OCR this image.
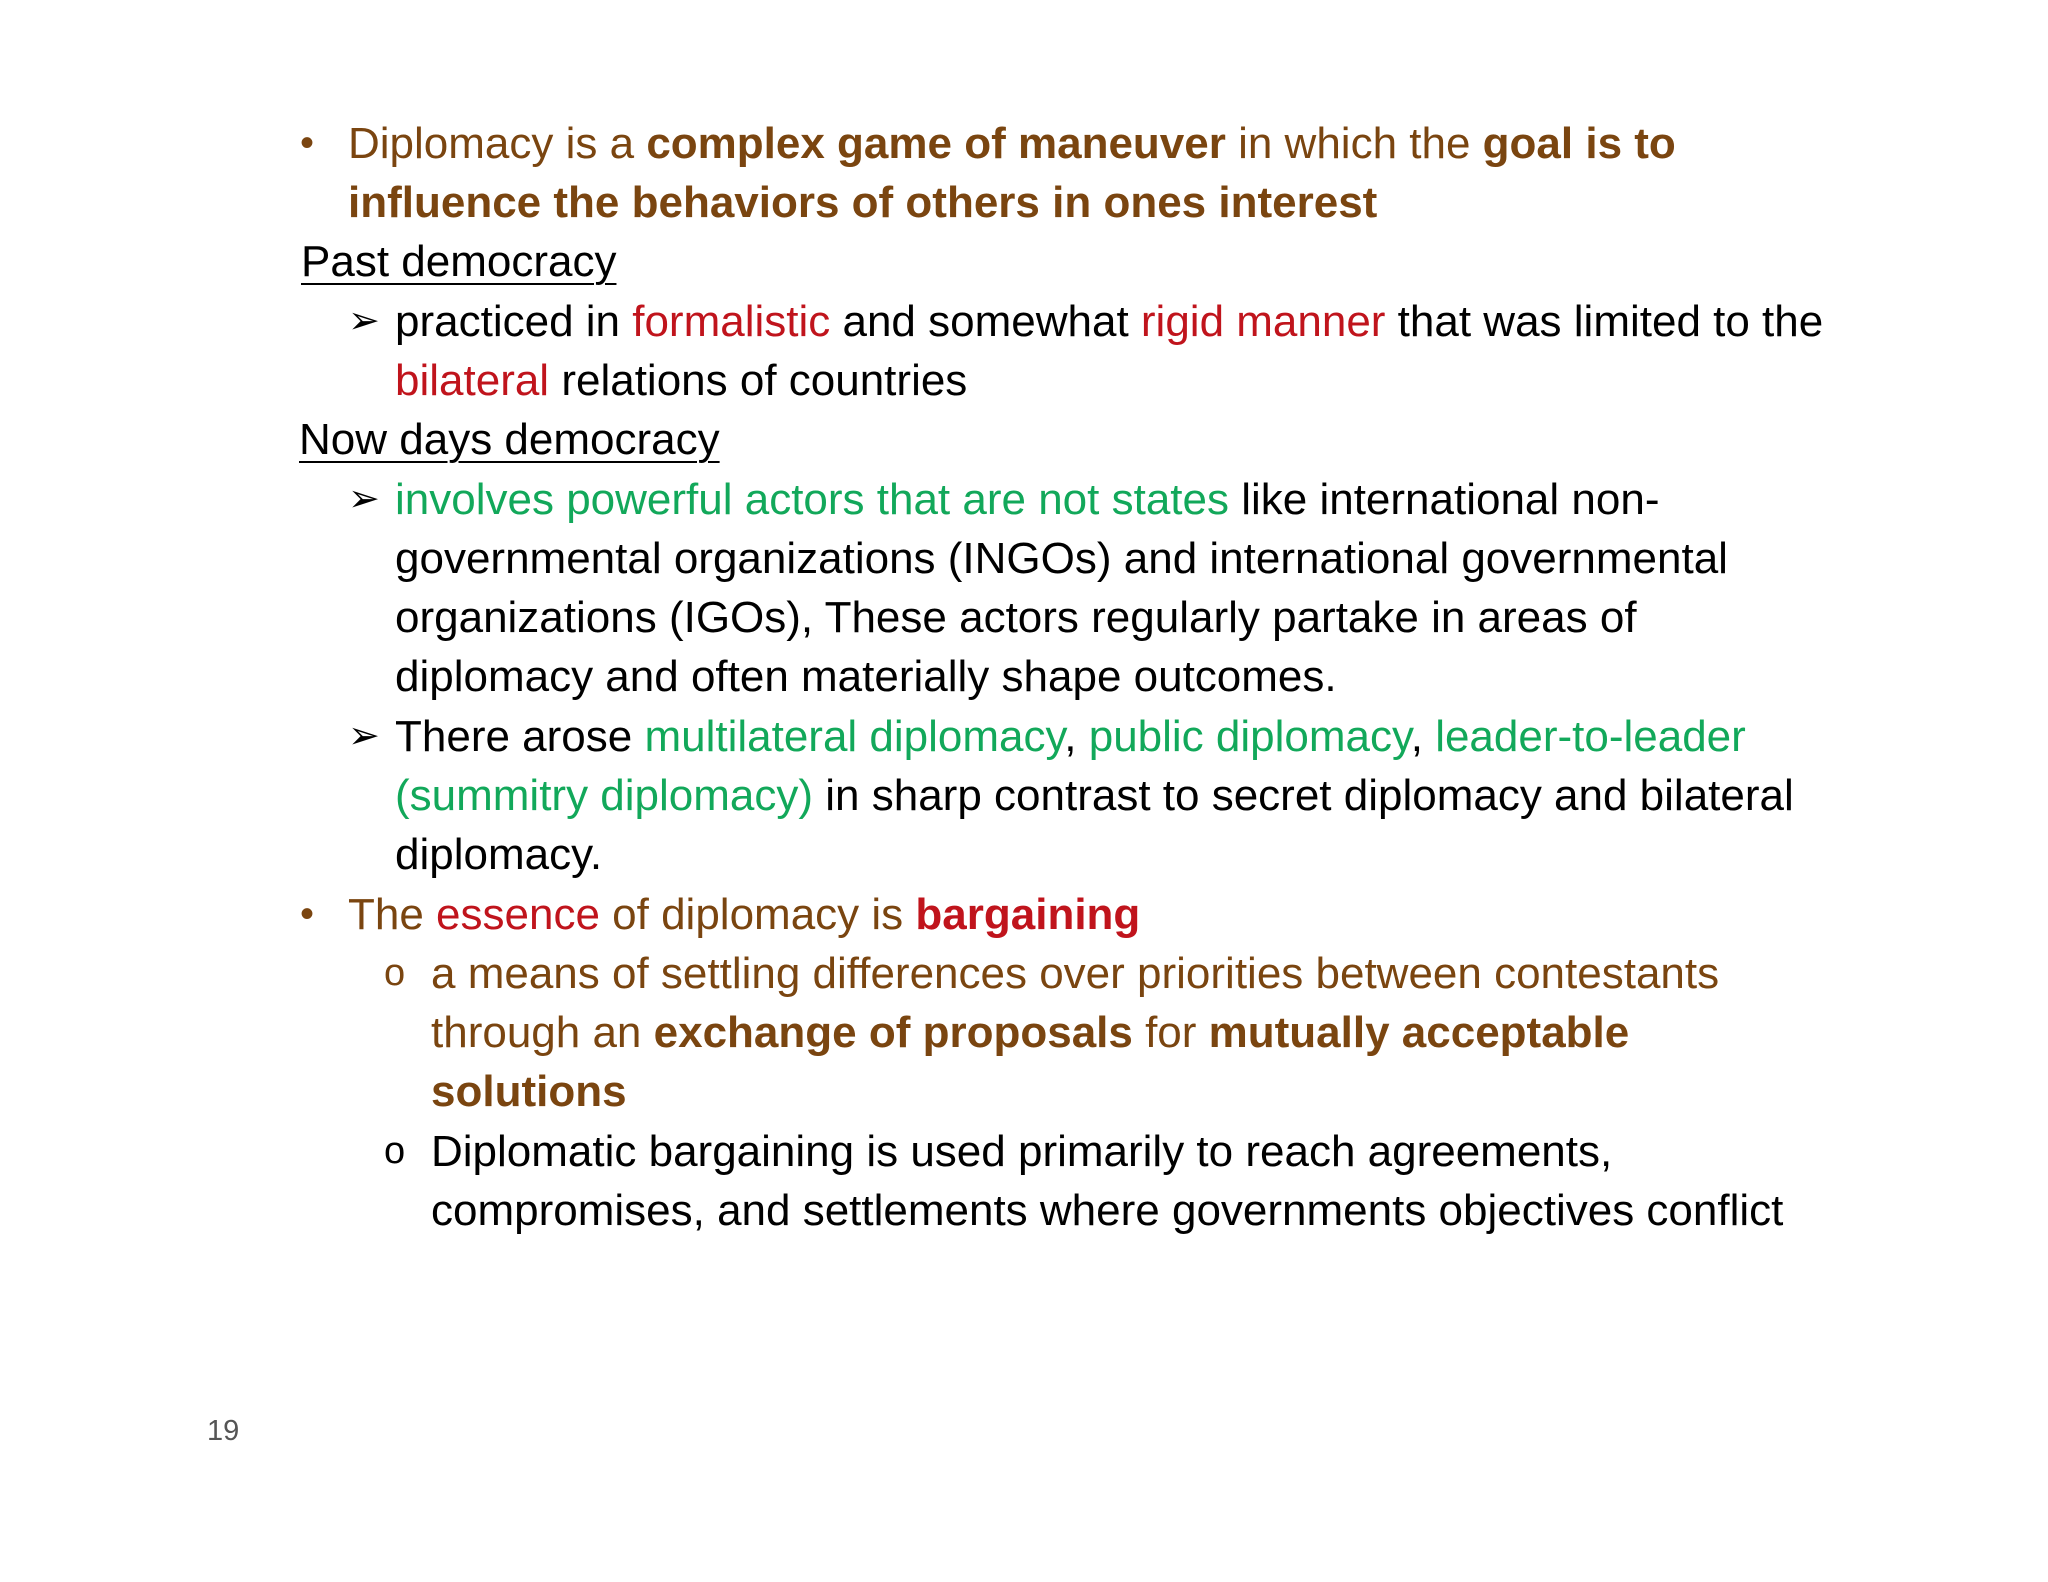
• Diplomacy is a complex game of maneuver in which the goal is to

influence the behaviors of others in ones interest

Past democracy

➢ practiced in formalistic and somewhat rigid manner that was limited to the

bilateral relations of countries

Now days democracy

➢ involves powerful actors that are not states like international non-

governmental organizations (INGOs) and international governmental

organizations (IGOs), These actors regularly partake in areas of

diplomacy and often materially shape outcomes.

➢ There arose multilateral diplomacy, public diplomacy, leader-to-leader

(summitry diplomacy) in sharp contrast to secret diplomacy and bilateral

diplomacy.

• The essence of diplomacy is bargaining

o a means of settling differences over priorities between contestants

through an exchange of proposals for mutually acceptable

solutions

o Diplomatic bargaining is used primarily to reach agreements,

compromises, and settlements where governments objectives conflict

19
